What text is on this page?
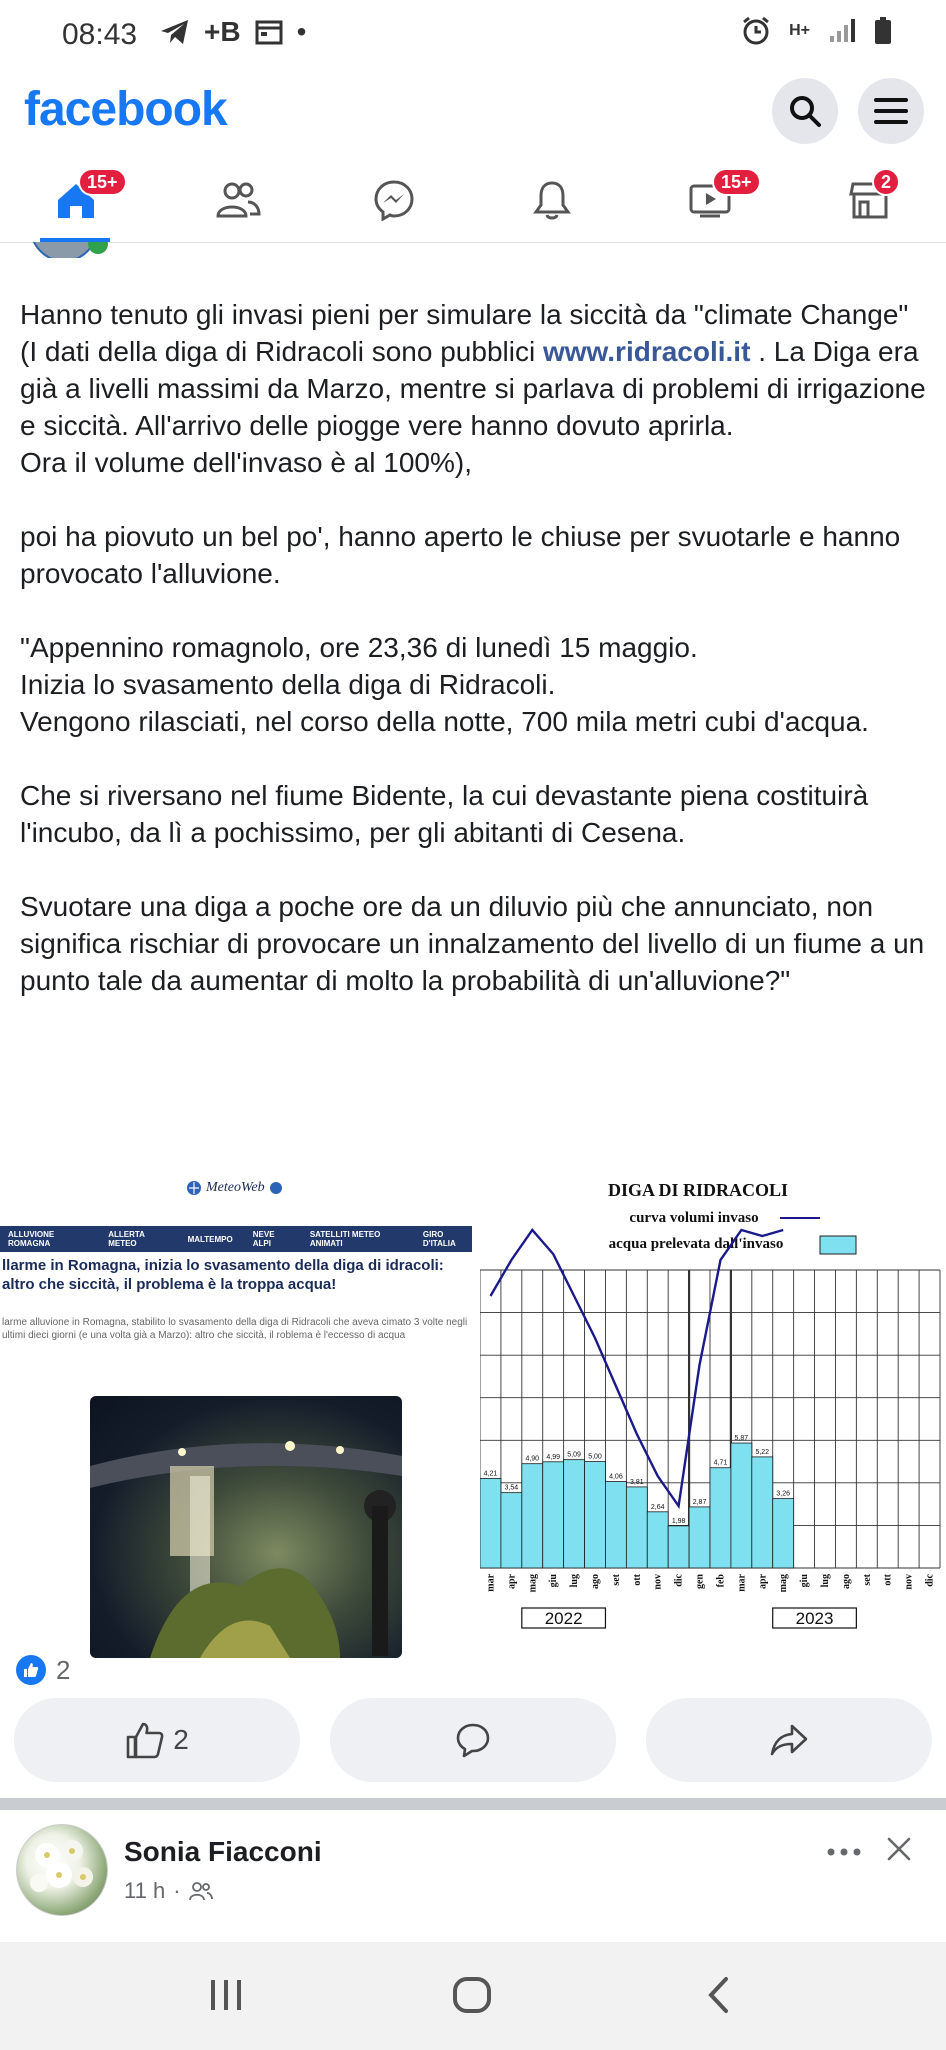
08:43 +B •	H+
facebook
15+	15+	2

Hanno tenuto gli invasi pieni per simulare la siccità da "climate Change"
(I dati della diga di Ridracoli sono pubblici www.ridracoli.it . La Diga era già a livelli massimi da Marzo, mentre si parlava di problemi di irrigazione e siccità. All'arrivo delle piogge vere hanno dovuto aprirla.
Ora il volume dell'invaso è al 100%),

poi ha piovuto un bel po', hanno aperto le chiuse per svuotarle e hanno provocato l'alluvione.

"Appennino romagnolo, ore 23,36 di lunedì 15 maggio.
Inizia lo svasamento della diga di Ridracoli.
Vengono rilasciati, nel corso della notte, 700 mila metri cubi d'acqua.

Che si riversano nel fiume Bidente, la cui devastante piena costituirà l'incubo, da lì a pochissimo, per gli abitanti di Cesena.

Svuotare una diga a poche ore da un diluvio più che annunciato, non significa rischiar di provocare un innalzamento del livello di un fiume a un punto tale da aumentar di molto la probabilità di un'alluvione?"

MeteoWeb
ALLUVIONE ROMAGNA
ALLERTA METEO	MALTEMPO	NEVE ALPI
SATELLITI METEO ANIMATI
GIRO D'ITALIA
llarme in Romagna, inizia lo svasamento della diga di idracoli: altro che siccità, il problema è la troppa acqua!
larme alluvione in Romagna, stabilito lo svasamento della diga di Ridracoli che aveva cimato 3 volte negli ultimi dieci giorni (e una volta già a Marzo): altro che siccità, il roblema è l'eccesso di acqua
DIGA DI RIDRACOLI
curva volumi invaso
acqua prelevata dall'invaso
4,21
3,54
4,90 4,99 5,09 5,00
4,06
3,81
2,64
1,98
2,87
4,71
5,87
5,22
3,26
mar apr mag giu lug ago set ott nov dic gen feb mar apr mag giu lug ago set ott nov dic
2022	2023
2
2
Sonia Fiacconi
11 h ·
